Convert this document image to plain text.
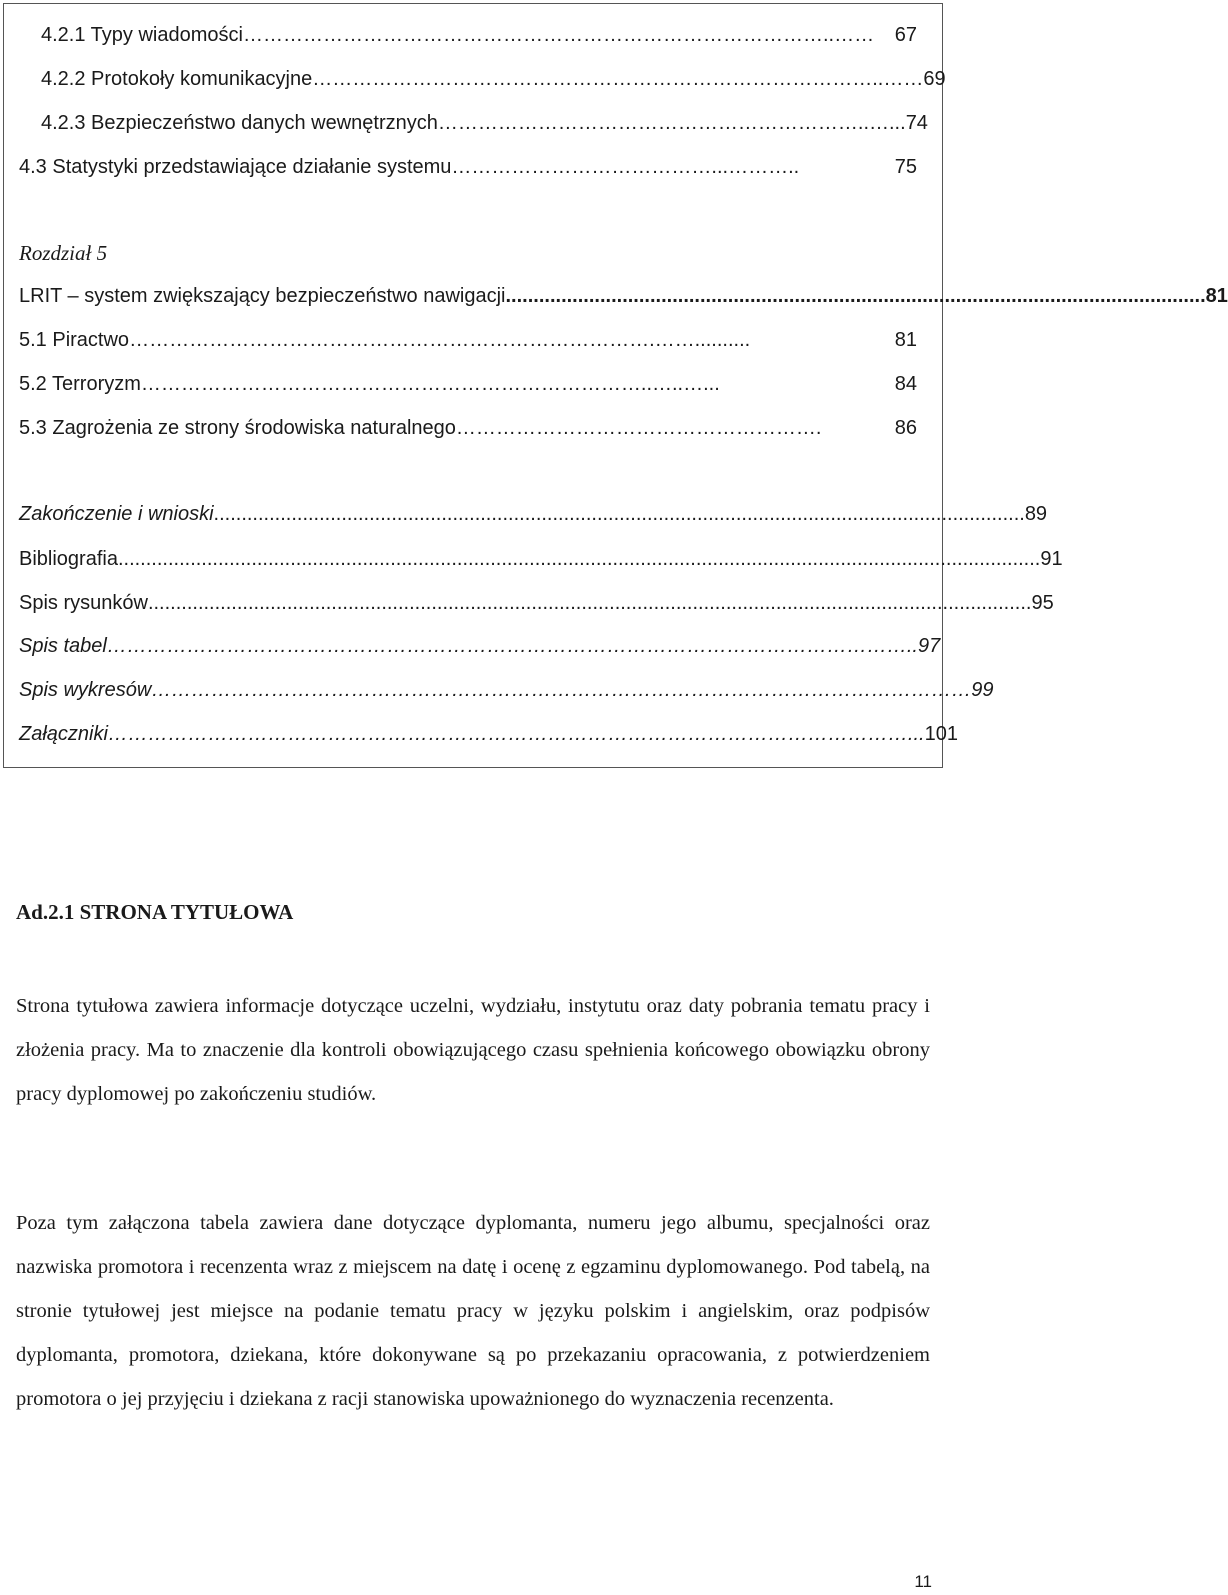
4.2.1 Typy wiadomości ……………………………………………………………………………..……	67
4.2.2 Protokoły komunikacyjne …………………………………………………………………………..…… 69
4.2.3 Bezpieczeństwo danych wewnętrznych ………………………………………………………..…... 74
4.3 Statystyki przedstawiające działanie systemu …………………………………...………..	75
Rozdział 5
LRIT – system zwiększający bezpieczeństwo nawigacji .............................................................................................................................. 81
5.1 Piractwo …………………………………………………………………….……..........	81
5.2 Terroryzm …………………………………………………………………..…..…...	84
5.3 Zagrożenia ze strony środowiska naturalnego ……………………………………………….	86
Zakończenie i wnioski .................................................................................................................................................. 89
Bibliografia ...................................................................................................................................................................... 91
Spis rysunków ............................................................................................................................................................... 95
Spis tabel ………………………………………………………………………………………………………….. 97
Spis wykresów …………………………………………………………………………………………………………… 99
Załączniki …………………………………………………………………………………………………………... 101
Ad.2.1 STRONA TYTUŁOWA

Strona tytułowa zawiera informacje dotyczące uczelni, wydziału, instytutu oraz daty pobrania tematu pracy i złożenia pracy. Ma to znaczenie dla kontroli obowiązującego czasu spełnienia końcowego obowiązku obrony pracy dyplomowej po zakończeniu studiów.

Poza tym załączona tabela zawiera dane dotyczące dyplomanta, numeru jego albumu, specjalności oraz nazwiska promotora i recenzenta wraz z miejscem na datę i ocenę z egzaminu dyplomowanego. Pod tabelą, na stronie tytułowej jest miejsce na podanie tematu pracy w języku polskim i angielskim, oraz podpisów dyplomanta, promotora, dziekana, które dokonywane są po przekazaniu opracowania, z potwierdzeniem promotora o jej przyjęciu i dziekana z racji stanowiska upoważnionego do wyznaczenia recenzenta.

11
